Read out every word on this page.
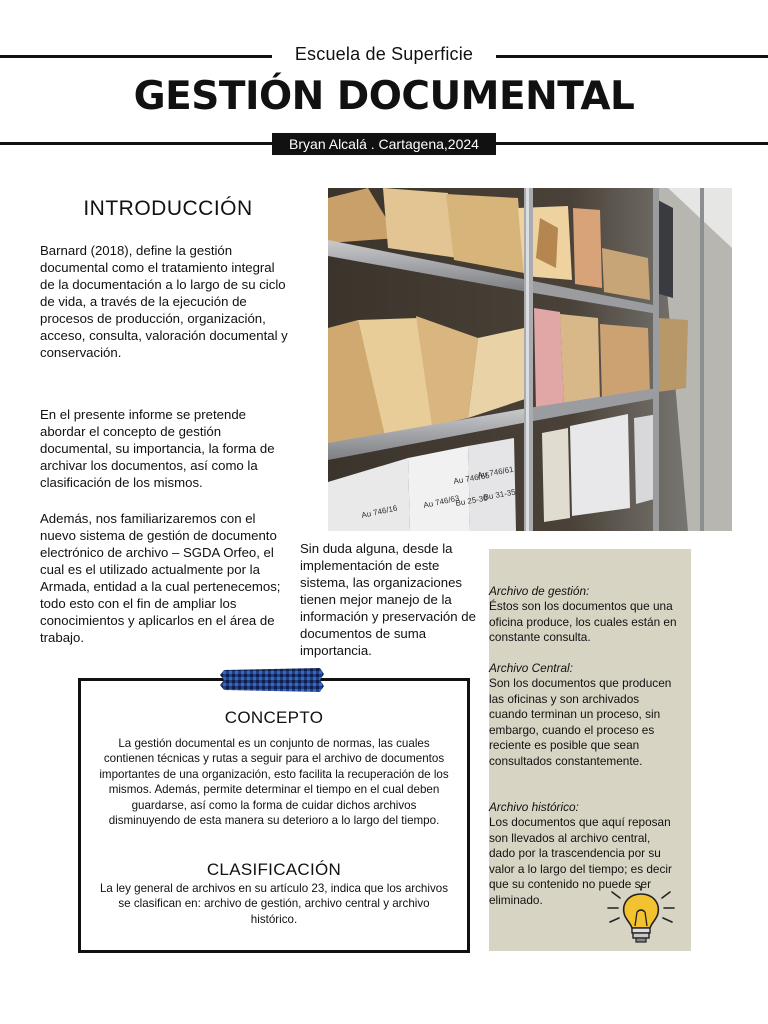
Escuela de Superficie
GESTIÓN DOCUMENTAL
Bryan Alcalá . Cartagena,2024
INTRODUCCIÓN
Barnard (2018), define la gestión documental como el tratamiento integral de la documentación a lo largo de su ciclo de vida, a través de la ejecución de procesos de producción, organización, acceso, consulta, valoración documental y conservación.
En el presente informe se pretende abordar el concepto de gestión documental, su importancia, la forma de archivar los documentos, así como la clasificación de los mismos.
Además, nos familiarizaremos con el nuevo sistema de gestión de documento electrónico de archivo – SGDA Orfeo, el cual es el utilizado actualmente por la Armada, entidad a la cual pertenecemos; todo esto con el fin de ampliar los conocimientos y aplicarlos en el área de trabajo.
Sin duda alguna, desde la implementación de este sistema, las organizaciones tienen mejor manejo de la información y preservación de documentos de suma importancia.
Au 746/16
Au 746/63
Au 746/65
Au 746/61
Bu 25-30
Bu 31-35

Archivo de gestión:
Éstos son los documentos que una oficina produce, los cuales están en constante consulta.

Archivo Central:
Son los documentos que producen las oficinas y son archivados cuando terminan un proceso, sin embargo, cuando el proceso es reciente es posible que sean consultados constantemente.

Archivo histórico:
Los documentos que aquí reposan son llevados al archivo central, dado por la trascendencia por su valor a lo largo del tiempo; es decir que su contenido no puede ser eliminado.

CONCEPTO
La gestión documental es un conjunto de normas, las cuales contienen técnicas y rutas a seguir para el archivo de documentos importantes de una organización, esto facilita la recuperación de los mismos. Además, permite determinar el tiempo en el cual deben guardarse, así como la forma de cuidar dichos archivos disminuyendo de esta manera su deterioro a lo largo del tiempo.
CLASIFICACIÓN
La ley general de archivos en su artículo 23, indica que los archivos se clasifican en: archivo de gestión, archivo central y archivo histórico.
